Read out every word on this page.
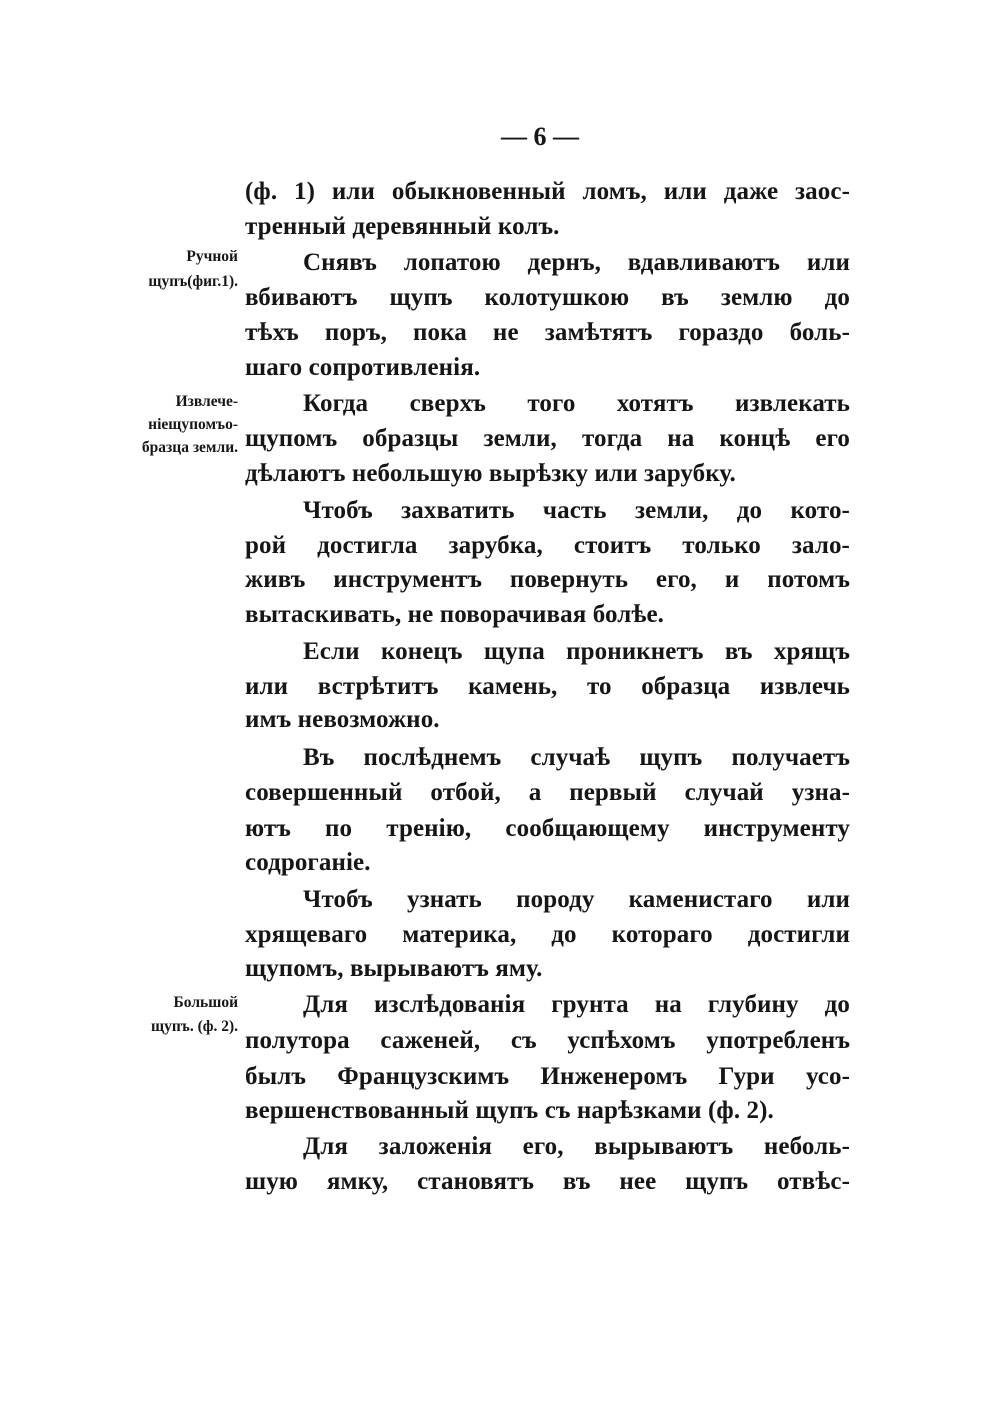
— 6 —
Ручной
щупъ(фиг.1).
Извлече-
ніещупомъо-
бразца земли.
Большой
щупъ. (ф. 2).
(ф. 1) или обыкновенный ломъ, или даже заос-
тренный деревянный колъ.
Снявъ лопатою дернъ, вдавливаютъ или
вбиваютъ щупъ колотушкою въ землю до
тѣхъ поръ, пока не замѣтятъ гораздо боль-
шаго сопротивленія.
Когда сверхъ того хотятъ извлекать
щупомъ образцы земли, тогда на концѣ его
дѣлаютъ небольшую вырѣзку или зарубку.
Чтобъ захватить часть земли, до кото-
рой достигла зарубка, стоитъ только зало-
живъ инструментъ повернуть его, и потомъ
вытаскивать, не поворачивая болѣе.
Если конецъ щупа проникнетъ въ хрящъ
или встрѣтитъ камень, то образца извлечь
имъ невозможно.
Въ послѣднемъ случаѣ щупъ получаетъ
совершенный отбой, а первый случай узна-
ютъ по тренію, сообщающему инструменту
содроганіе.
Чтобъ узнать породу каменистаго или
хрящеваго материка, до котораго достигли
щупомъ, вырываютъ яму.
Для изслѣдованія грунта на глубину до
полутора саженей, съ успѣхомъ употребленъ
былъ Французскимъ Инженеромъ Гури усо-
вершенствованный щупъ съ нарѣзками (ф. 2).
Для заложенія его, вырываютъ неболь-
шую ямку, становятъ въ нее щупъ отвѣс-
